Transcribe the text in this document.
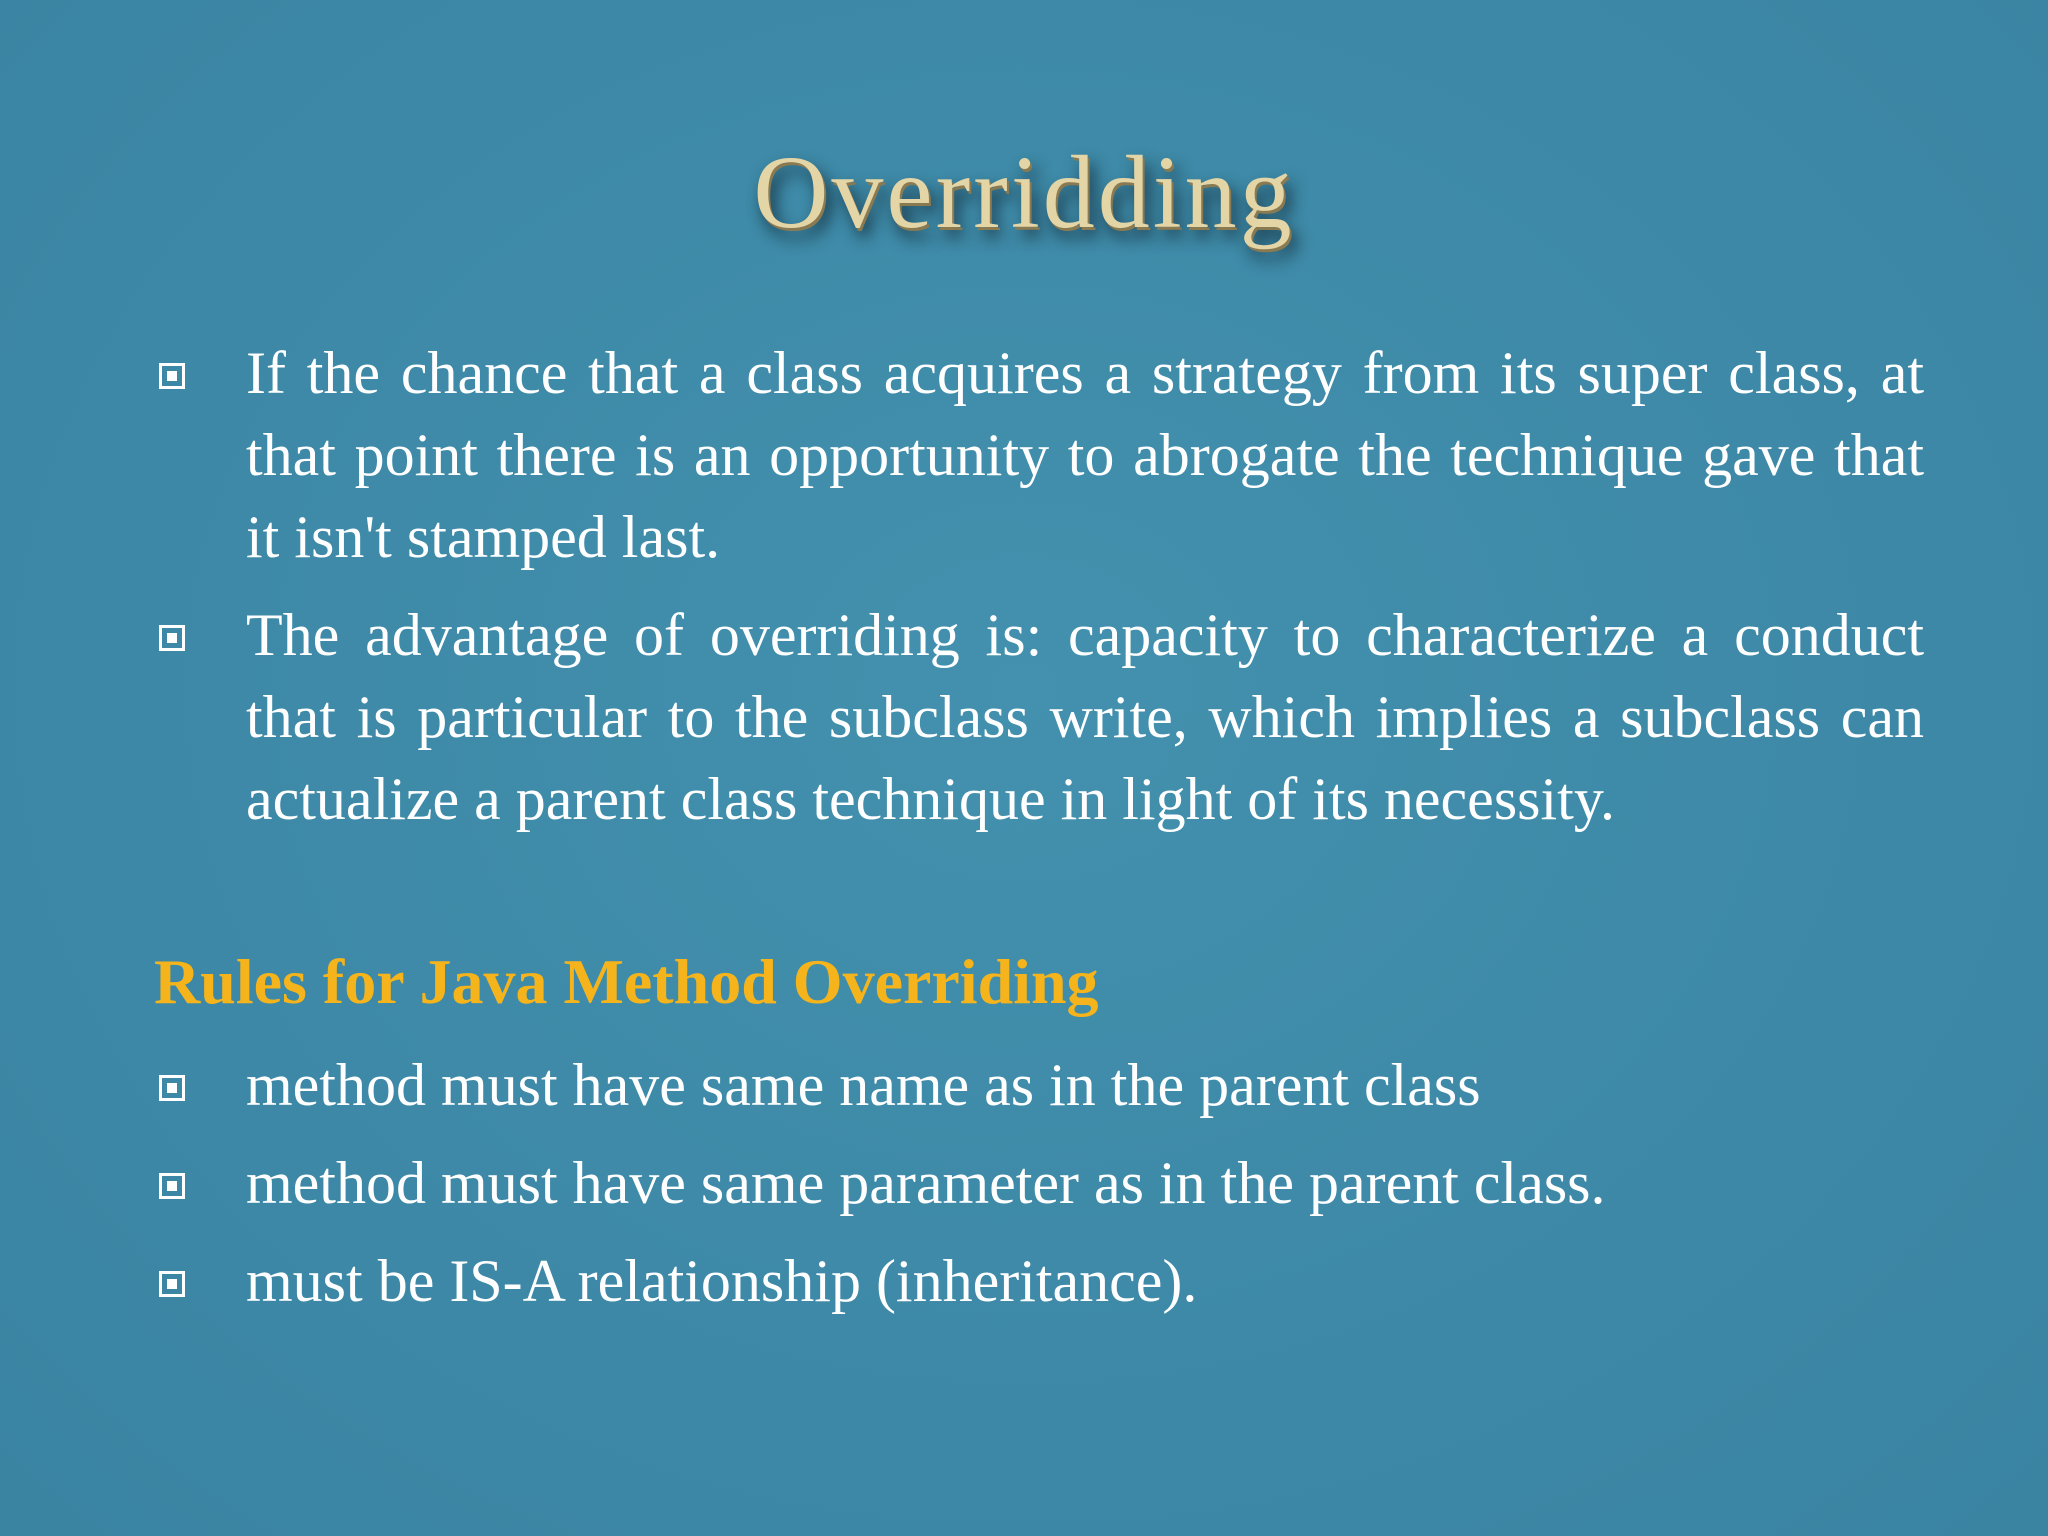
Overridding
If the chance that a class acquires a strategy from its super class, at that point there is an opportunity to abrogate the technique gave that it isn't stamped last.
The advantage of overriding is: capacity to characterize a conduct that is particular to the subclass write, which implies a subclass can actualize a parent class technique in light of its necessity.
Rules for Java Method Overriding
method must have same name as in the parent class
method must have same parameter as in the parent class.
must be IS-A relationship (inheritance).
